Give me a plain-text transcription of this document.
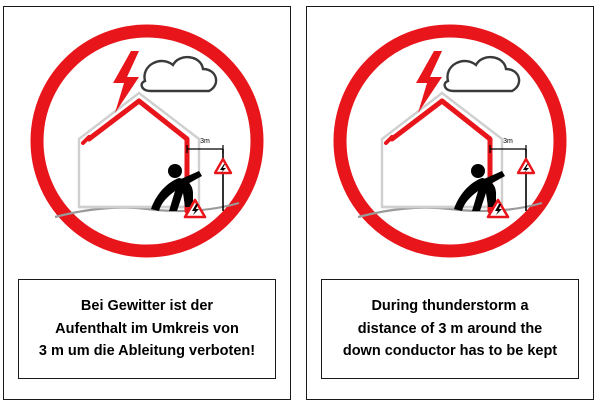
3m
Bei Gewitter ist der
Aufenthalt im Umkreis von
3 m um die Ableitung verboten!
3m
During thunderstorm a
distance of 3 m around the
down conductor has to be kept
